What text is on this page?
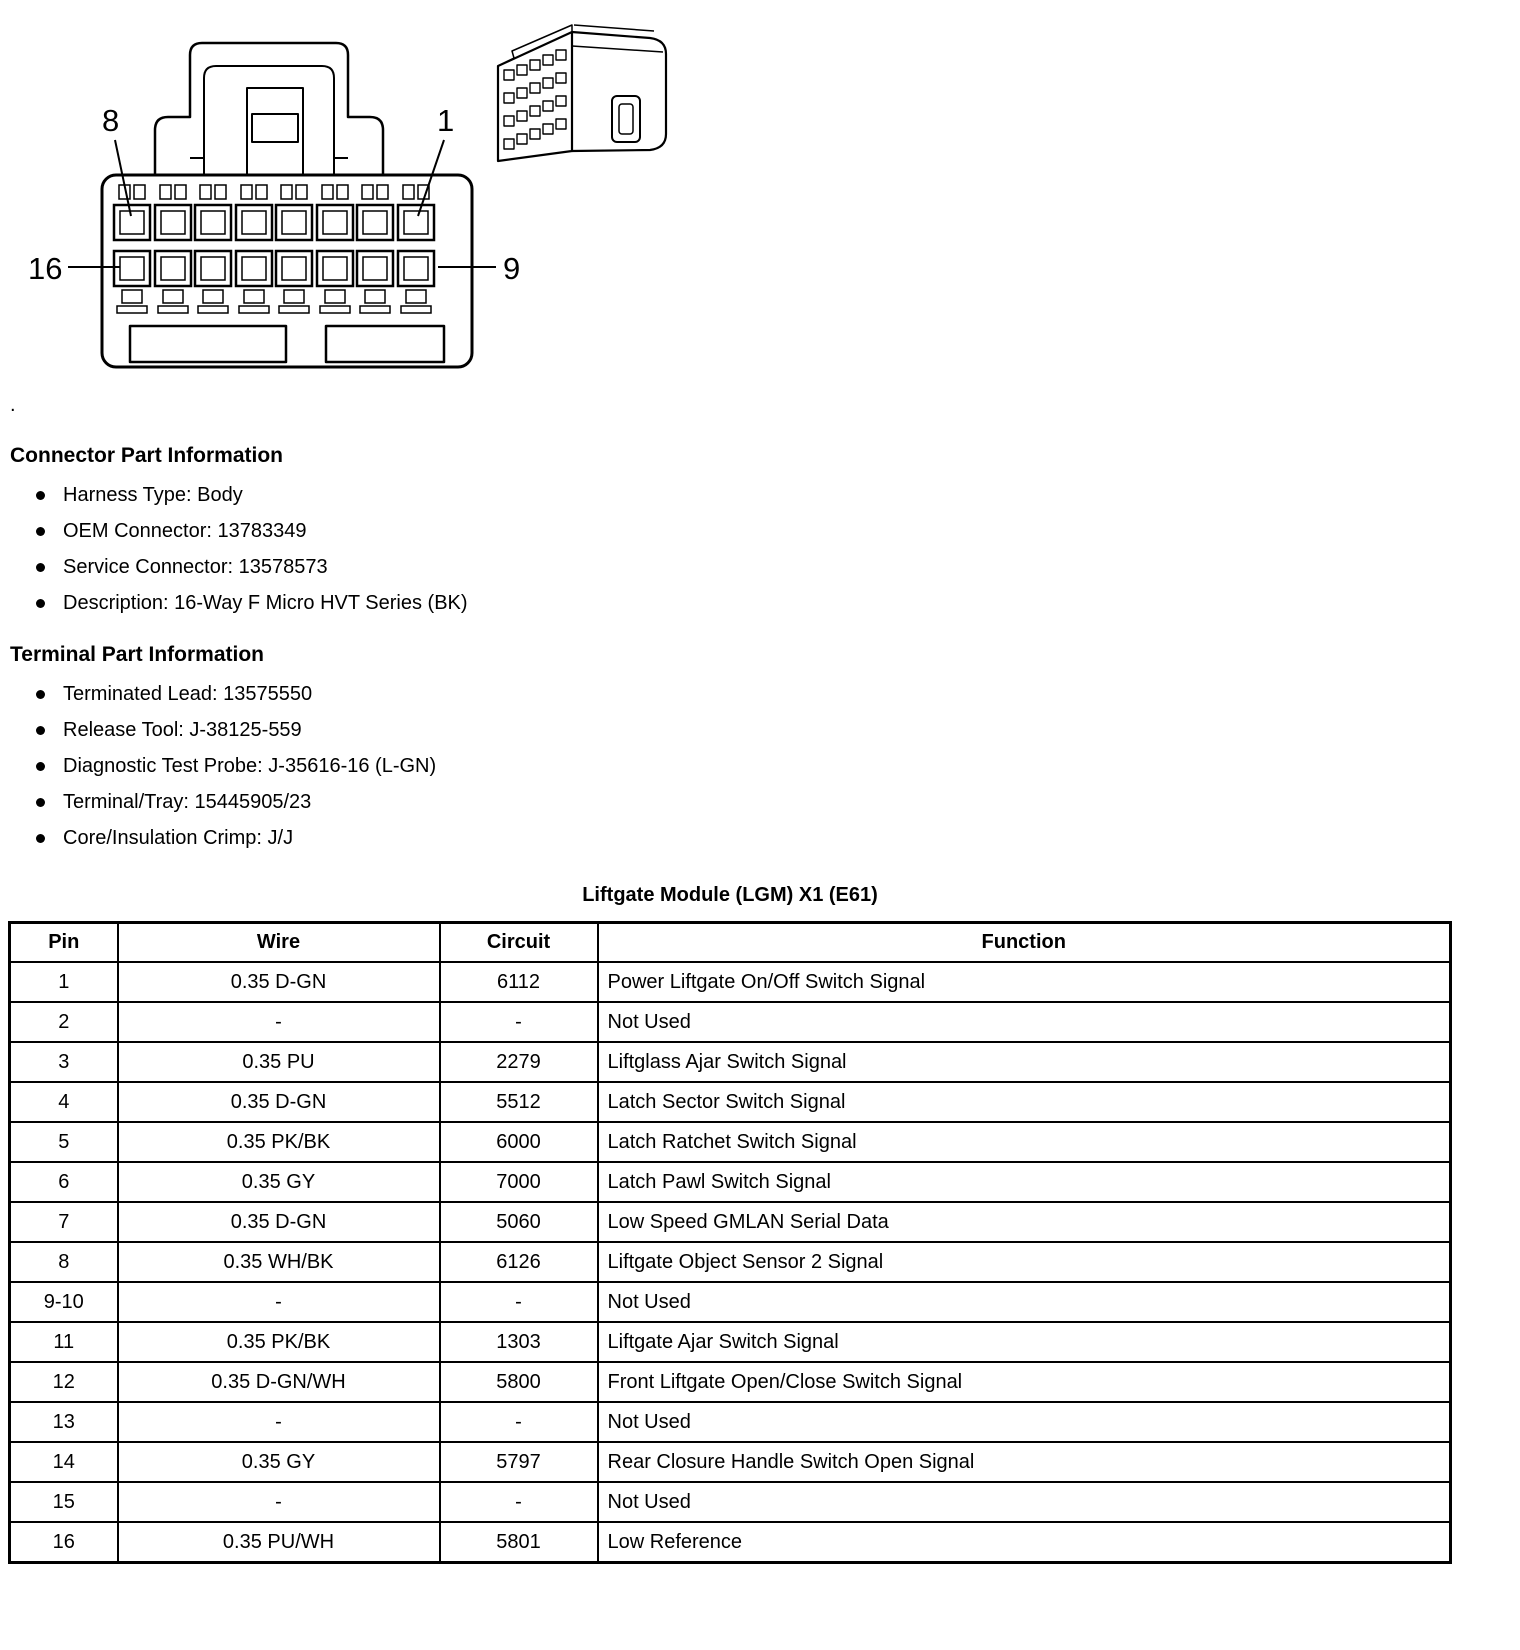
8	1
16	9
.
Connector Part Information
Harness Type: Body
OEM Connector: 13783349
Service Connector: 13578573
Description: 16-Way F Micro HVT Series (BK)
Terminal Part Information
Terminated Lead: 13575550
Release Tool: J-38125-559
Diagnostic Test Probe: J-35616-16 (L-GN)
Terminal/Tray: 15445905/23
Core/Insulation Crimp: J/J
Liftgate Module (LGM) X1 (E61)
Pin	Wire	Circuit	Function
1	0.35 D-GN	6112	Power Liftgate On/Off Switch Signal
2	-	-	Not Used
3	0.35 PU	2279	Liftglass Ajar Switch Signal
4	0.35 D-GN	5512	Latch Sector Switch Signal
5	0.35 PK/BK	6000	Latch Ratchet Switch Signal
6	0.35 GY	7000	Latch Pawl Switch Signal
7	0.35 D-GN	5060	Low Speed GMLAN Serial Data
8	0.35 WH/BK	6126	Liftgate Object Sensor 2 Signal
9-10	-	-	Not Used
11	0.35 PK/BK	1303	Liftgate Ajar Switch Signal
12	0.35 D-GN/WH	5800	Front Liftgate Open/Close Switch Signal
13	-	-	Not Used
14	0.35 GY	5797	Rear Closure Handle Switch Open Signal
15	-	-	Not Used
16	0.35 PU/WH	5801	Low Reference
